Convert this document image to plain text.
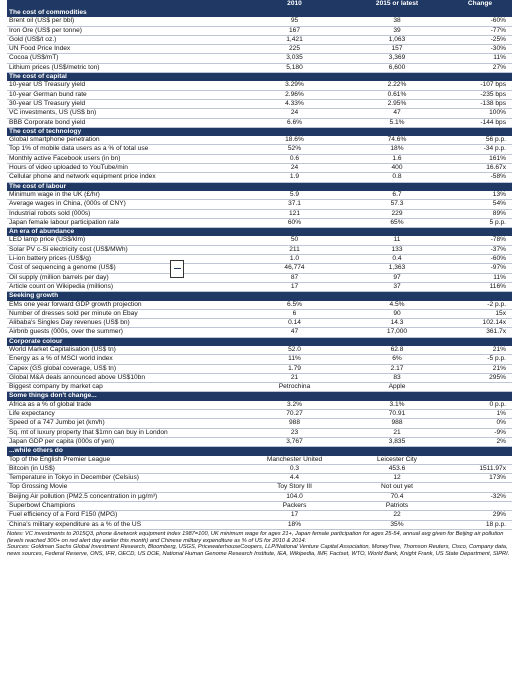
	2010	2015 or latest	Change
The cost of commodities			
Brent oil (US$ per bbl)	95	38	-60%
Iron Ore (US$ per tonne)	167	39	-77%
Gold (US$/t oz.)	1,421	1,063	-25%
UN Food Price Index	225	157	-30%
Cocoa (US$/mT)	3,035	3,369	11%
Lithium prices (US$/metric ton)	5,180	6,600	27%
The cost of capital			
10-year US Treasury yield	3.29%	2.22%	-107 bps
10-year German bund rate	2.96%	0.61%	-235 bps
30-year US Treasury yield	4.33%	2.95%	-138 bps
VC investments, US (US$ bn)	24	47	100%
BBB Corporate bond yield	6.6%	5.1%	-144 bps
The cost of technology			
Global smartphone penetration	18.6%	74.6%	56 p.p.
Top 1% of mobile data users as a % of total use	52%	18%	-34 p.p.
Monthly active Facebook users (in bn)	0.6	1.6	161%
Hours of video uploaded to YouTube/min	24	400	16.67x
Cellular phone and network equipment price index	1.9	0.8	-58%
The cost of labour			
Minimum wage in the UK (£/hr)	5.9	6.7	13%
Average wages in China, (000s of CNY)	37.1	57.3	54%
Industrial robots sold (000s)	121	229	89%
Japan female labour participation rate	60%	65%	5 p.p.
An era of abundance			
LED lamp price (US$/klm)	50	11	-78%
Solar PV c-Si electricity cost (US$/MWh)	211	133	-37%
Li-ion battery prices (US$/g)	1.0	0.4	-60%
Cost of sequencing a genome (US$)	46,774	1,363	-97%
Oil supply (million barrels per day)	87	97	11%
Article count on Wikipedia (millions)	17	37	116%
Seeking growth			
EMs one year forward GDP growth projection	6.5%	4.5%	-2 p.p.
Number of dresses sold per minute on Ebay	6	90	15x
Alibaba's Singles Day revenues (US$ bn)	0.14	14.3	102.14x
Airbnb guests (000s, over the summer)	47	17,000	361.7x
Corporate colour			
World Market Capitalisation (US$ tn)	52.0	62.8	21%
Energy as a % of MSCI world index	11%	6%	-5 p.p.
Capex (GS global coverage, US$ tn)	1.79	2.17	21%
Global M&A deals announced above US$10bn	21	83	295%
Biggest company by market cap	Petrochina	Apple	
Some things don't change...			
Africa as a % of global trade	3.2%	3.1%	0 p.p.
Life expectancy	70.27	70.91	1%
Speed of a 747 Jumbo jet (km/h)	988	988	0%
Sq. mt of luxury property that $1mn can buy in London	23	21	-9%
Japan GDP per capita (000s of yen)	3,767	3,835	2%
...while others do			
Top of the English Premier League	Manchester United	Leicester City	
Bitcoin (in US$)	0.3	453.6	1511.97x
Temperature in Tokyo in December (Celsius)	4.4	12	173%
Top Grossing Movie	Toy Story III	Not out yet	
Beijing Air pollution (PM2.5 concentration in μg/m³)	104.0	70.4	-32%
Superbowl Champions	Packers	Patriots	
Fuel efficiency of a Ford F150 (MPG)	17	22	29%
China's military expenditure as a % of the US	18%	35%	18 p.p.

Notes: VC investments to 2015Q3, phone &network equipment index 1987=100, UK minimum wage for ages 21+, Japan female participation for ages 25-54, annual avg given for Beijing air pollution (levels reached 300+ on red alert day earlier this month) and Chinese military expenditure as % of US for 2010 & 2014.

Sources: Goldman Sachs Global Investment Research, Bloomberg, USGS, PricewaterhouseCoopers, LLP/National Venture Capital Association, MoneyTree, Thomson Reuters, Cisco, Company data, news sources, Federal Reserve, ONS, IFR, OECD, US DOE, National Human Genome Research Institute, IEA, Wikipedia, IMF, Factset, WTO, World Bank, Knight Frank, US State Department, SIPRI.
